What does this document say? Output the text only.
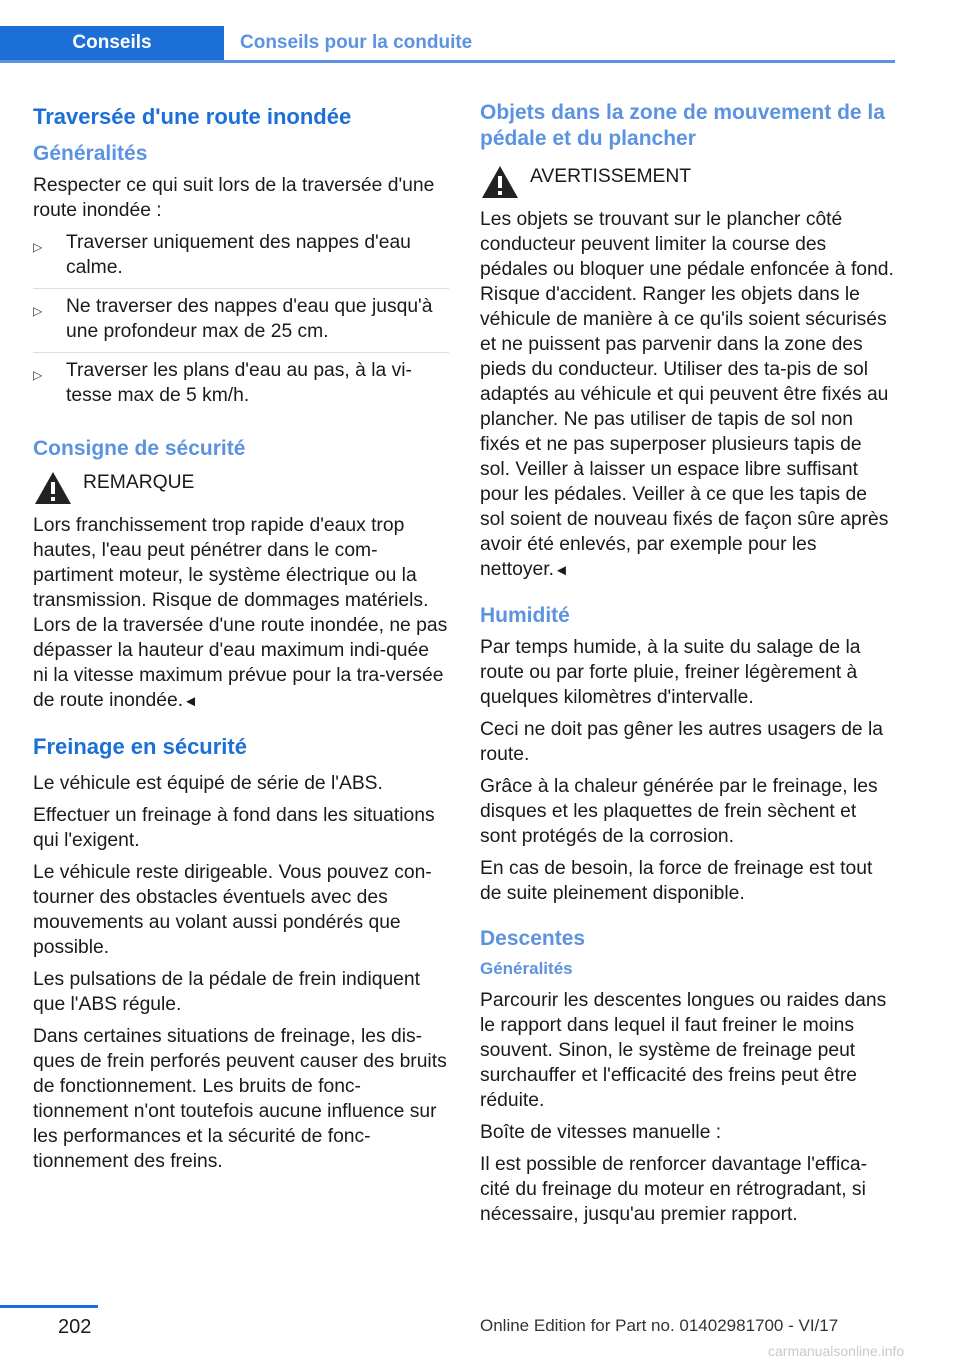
Conseils	Conseils pour la conduite
Traversée d'une route inondée
Généralités

Respecter ce qui suit lors de la traversée d'une route inondée :

▷ Traverser uniquement des nappes d'eau calme.
▷ Ne traverser des nappes d'eau que jusqu'à une profondeur max de 25 cm.
▷ Traverser les plans d'eau au pas, à la vi-tesse max de 5 km/h.
Consigne de sécurité
REMARQUE

Lors franchissement trop rapide d'eaux trop hautes, l'eau peut pénétrer dans le com-partiment moteur, le système électrique ou la transmission. Risque de dommages matériels. Lors de la traversée d'une route inondée, ne pas dépasser la hauteur d'eau maximum indi-quée ni la vitesse maximum prévue pour la tra-versée de route inondée.◄

Freinage en sécurité

Le véhicule est équipé de série de l'ABS.

Effectuer un freinage à fond dans les situations qui l'exigent.

Le véhicule reste dirigeable. Vous pouvez con-tourner des obstacles éventuels avec des mouvements au volant aussi pondérés que possible.

Les pulsations de la pédale de frein indiquent que l'ABS régule.

Dans certaines situations de freinage, les dis-ques de frein perforés peuvent causer des bruits de fonctionnement. Les bruits de fonc-tionnement n'ont toutefois aucune influence sur les performances et la sécurité de fonc-tionnement des freins.

Objets dans la zone de mouvement de la pédale et du plancher
AVERTISSEMENT

Les objets se trouvant sur le plancher côté conducteur peuvent limiter la course des pédales ou bloquer une pédale enfoncée à fond. Risque d'accident. Ranger les objets dans le véhicule de manière à ce qu'ils soient sécurisés et ne puissent pas parvenir dans la zone des pieds du conducteur. Utiliser des ta-pis de sol adaptés au véhicule et qui peuvent être fixés au plancher. Ne pas utiliser de tapis de sol non fixés et ne pas superposer plusieurs tapis de sol. Veiller à laisser un espace libre suffisant pour les pédales. Veiller à ce que les tapis de sol soient de nouveau fixés de façon sûre après avoir été enlevés, par exemple pour les nettoyer.◄

Humidité

Par temps humide, à la suite du salage de la route ou par forte pluie, freiner légèrement à quelques kilomètres d'intervalle.

Ceci ne doit pas gêner les autres usagers de la route.

Grâce à la chaleur générée par le freinage, les disques et les plaquettes de frein sèchent et sont protégés de la corrosion.

En cas de besoin, la force de freinage est tout de suite pleinement disponible.

Descentes
Généralités

Parcourir les descentes longues ou raides dans le rapport dans lequel il faut freiner le moins souvent. Sinon, le système de freinage peut surchauffer et l'efficacité des freins peut être réduite.

Boîte de vitesses manuelle :

Il est possible de renforcer davantage l'effica-cité du freinage du moteur en rétrogradant, si nécessaire, jusqu'au premier rapport.

202	Online Edition for Part no. 01402981700 - VI/17
carmanualsonline.info
